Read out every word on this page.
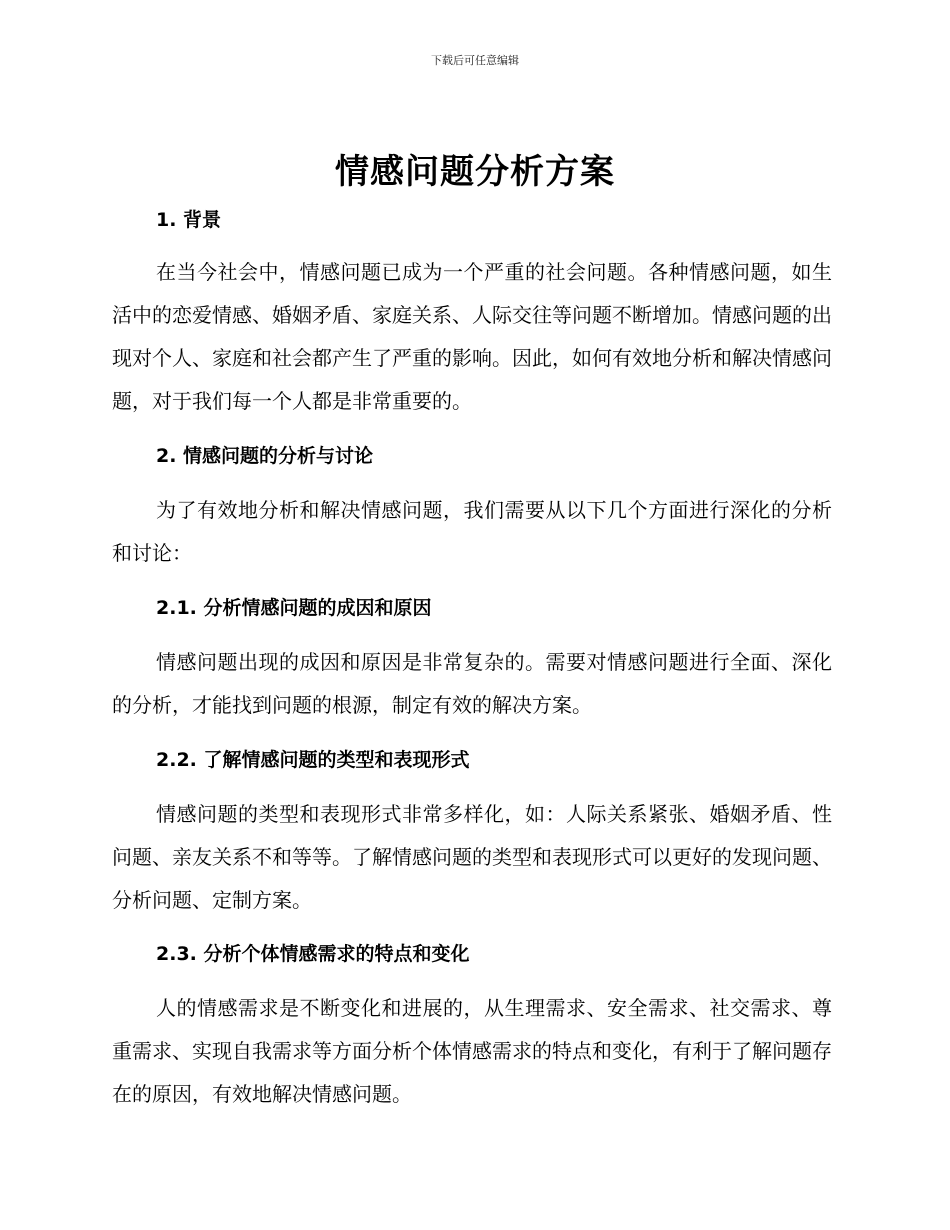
下载后可任意编辑
情感问题分析方案
1. 背景

在当今社会中，情感问题已成为一个严重的社会问题。各种情感问题，如生活中的恋爱情感、婚姻矛盾、家庭关系、人际交往等问题不断增加。情感问题的出现对个人、家庭和社会都产生了严重的影响。因此，如何有效地分析和解决情感问题，对于我们每一个人都是非常重要的。

2. 情感问题的分析与讨论

为了有效地分析和解决情感问题，我们需要从以下几个方面进行深化的分析和讨论：

2.1. 分析情感问题的成因和原因

情感问题出现的成因和原因是非常复杂的。需要对情感问题进行全面、深化的分析，才能找到问题的根源，制定有效的解决方案。

2.2. 了解情感问题的类型和表现形式

情感问题的类型和表现形式非常多样化，如：人际关系紧张、婚姻矛盾、性问题、亲友关系不和等等。了解情感问题的类型和表现形式可以更好的发现问题、分析问题、定制方案。

2.3. 分析个体情感需求的特点和变化

人的情感需求是不断变化和进展的，从生理需求、安全需求、社交需求、尊重需求、实现自我需求等方面分析个体情感需求的特点和变化，有利于了解问题存在的原因，有效地解决情感问题。
